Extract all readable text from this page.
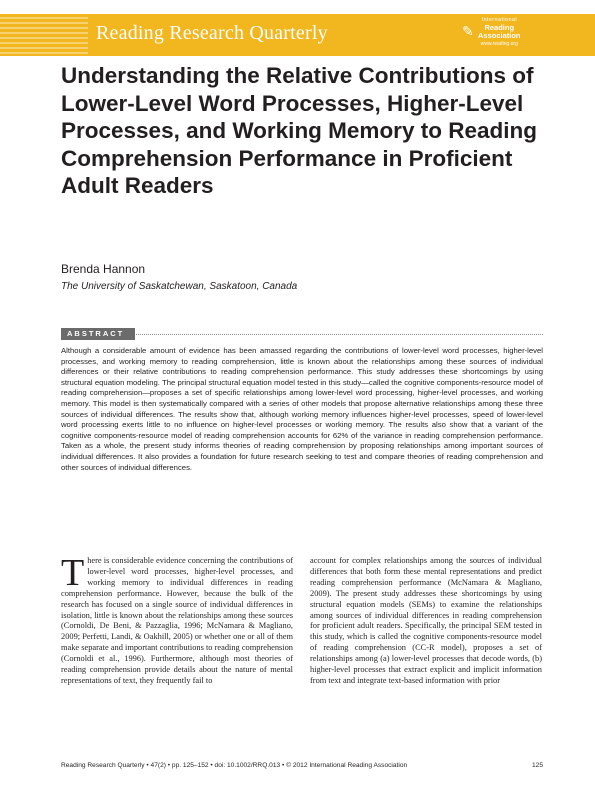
Reading Research Quarterly	✎
International
Reading
Association
www.reading.org
Understanding the Relative Contributions of Lower-Level Word Processes, Higher-Level Processes, and Working Memory to Reading Comprehension Performance in Proficient Adult Readers
Brenda Hannon
The University of Saskatchewan, Saskatoon, Canada
ABSTRACT

Although a considerable amount of evidence has been amassed regarding the contributions of lower-level word processes, higher-level processes, and working memory to reading comprehension, little is known about the relationships among these sources of individual differences or their relative contributions to reading comprehension performance. This study addresses these shortcomings by using structural equation modeling. The principal structural equation model tested in this study—called the cognitive components-resource model of reading comprehension—proposes a set of specific relationships among lower-level word processing, higher-level processes, and working memory. This model is then systematically compared with a series of other models that propose alternative relationships among these three sources of individual differences. The results show that, although working memory influences higher-level processes, speed of lower-level word processing exerts little to no influence on higher-level processes or working memory. The results also show that a variant of the cognitive components-resource model of reading comprehension accounts for 62% of the variance in reading comprehension performance. Taken as a whole, the present study informs theories of reading comprehension by proposing relationships among important sources of individual differences. It also provides a foundation for future research seeking to test and compare theories of reading comprehension and other sources of individual differences.

There is considerable evidence concerning the contributions of lower-level word processes, higher-level processes, and working memory to individual differences in reading comprehension performance. However, because the bulk of the research has focused on a single source of individual differences in isolation, little is known about the relationships among these sources (Cornoldi, De Beni, & Pazzaglia, 1996; McNamara & Magliano, 2009; Perfetti, Landi, & Oakhill, 2005) or whether one or all of them make separate and important contributions to reading comprehension (Cornoldi et al., 1996). Furthermore, although most theories of reading comprehension provide details about the nature of mental representations of text, they frequently fail to

account for complex relationships among the sources of individual differences that both form these mental representations and predict reading comprehension performance (McNamara & Magliano, 2009). The present study addresses these shortcomings by using structural equation models (SEMs) to examine the relationships among sources of individual differences in reading comprehension for proficient adult readers. Specifically, the principal SEM tested in this study, which is called the cognitive components-resource model of reading comprehension (CC-R model), proposes a set of relationships among (a) lower-level processes that decode words, (b) higher-level processes that extract explicit and implicit information from text and integrate text-based information with prior

Reading Research Quarterly • 47(2) • pp. 125–152 • doi: 10.1002/RRQ.013 • © 2012 International Reading Association	125
